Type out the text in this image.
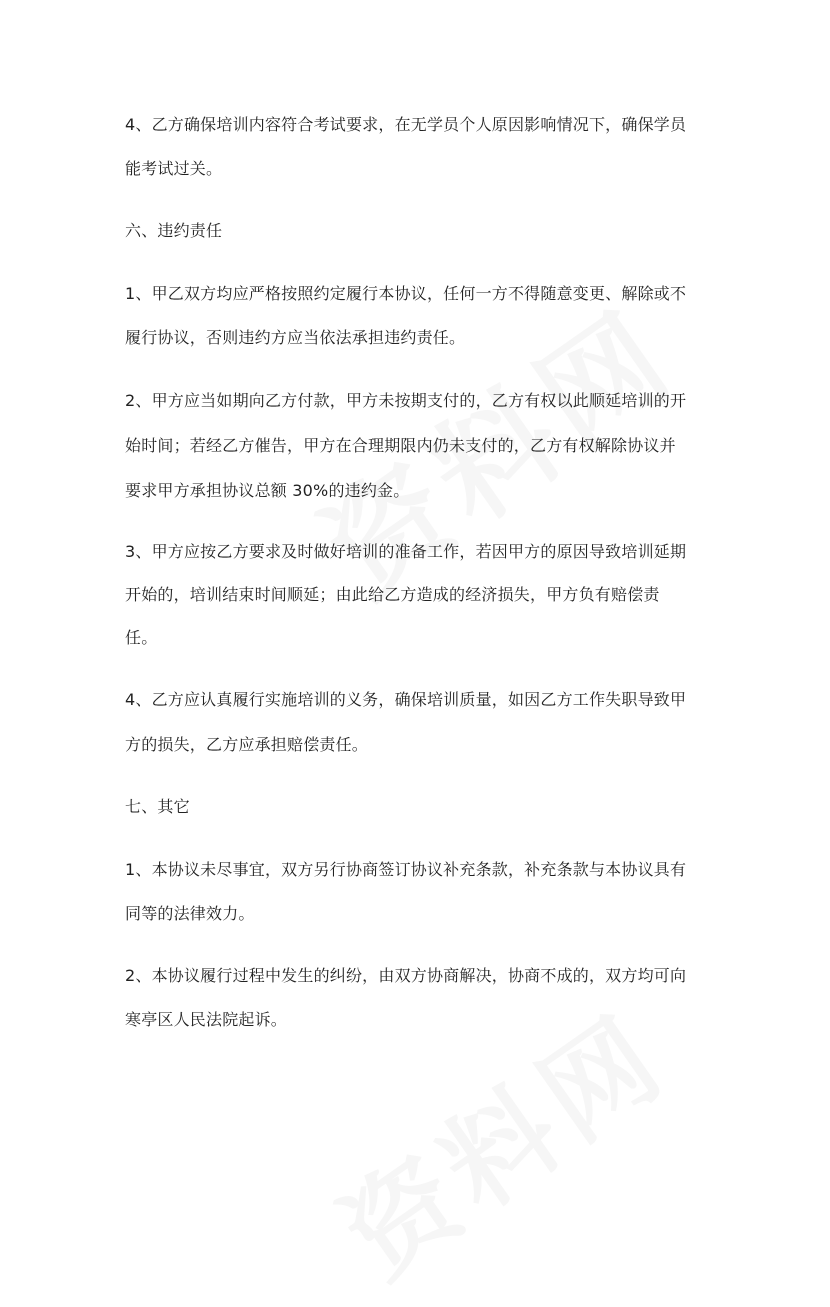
4、乙方确保培训内容符合考试要求，在无学员个人原因影响情况下，确保学员
能考试过关。
六、违约责任
1、甲乙双方均应严格按照约定履行本协议，任何一方不得随意变更、解除或不
履行协议，否则违约方应当依法承担违约责任。
2、甲方应当如期向乙方付款，甲方未按期支付的，乙方有权以此顺延培训的开
始时间；若经乙方催告，甲方在合理期限内仍未支付的，乙方有权解除协议并
要求甲方承担协议总额 30%的违约金。
3、甲方应按乙方要求及时做好培训的准备工作，若因甲方的原因导致培训延期
开始的，培训结束时间顺延；由此给乙方造成的经济损失，甲方负有赔偿责
任。
4、乙方应认真履行实施培训的义务，确保培训质量，如因乙方工作失职导致甲
方的损失，乙方应承担赔偿责任。
七、其它
1、本协议未尽事宜，双方另行协商签订协议补充条款，补充条款与本协议具有
同等的法律效力。
2、本协议履行过程中发生的纠纷，由双方协商解决，协商不成的，双方均可向
寒亭区人民法院起诉。
